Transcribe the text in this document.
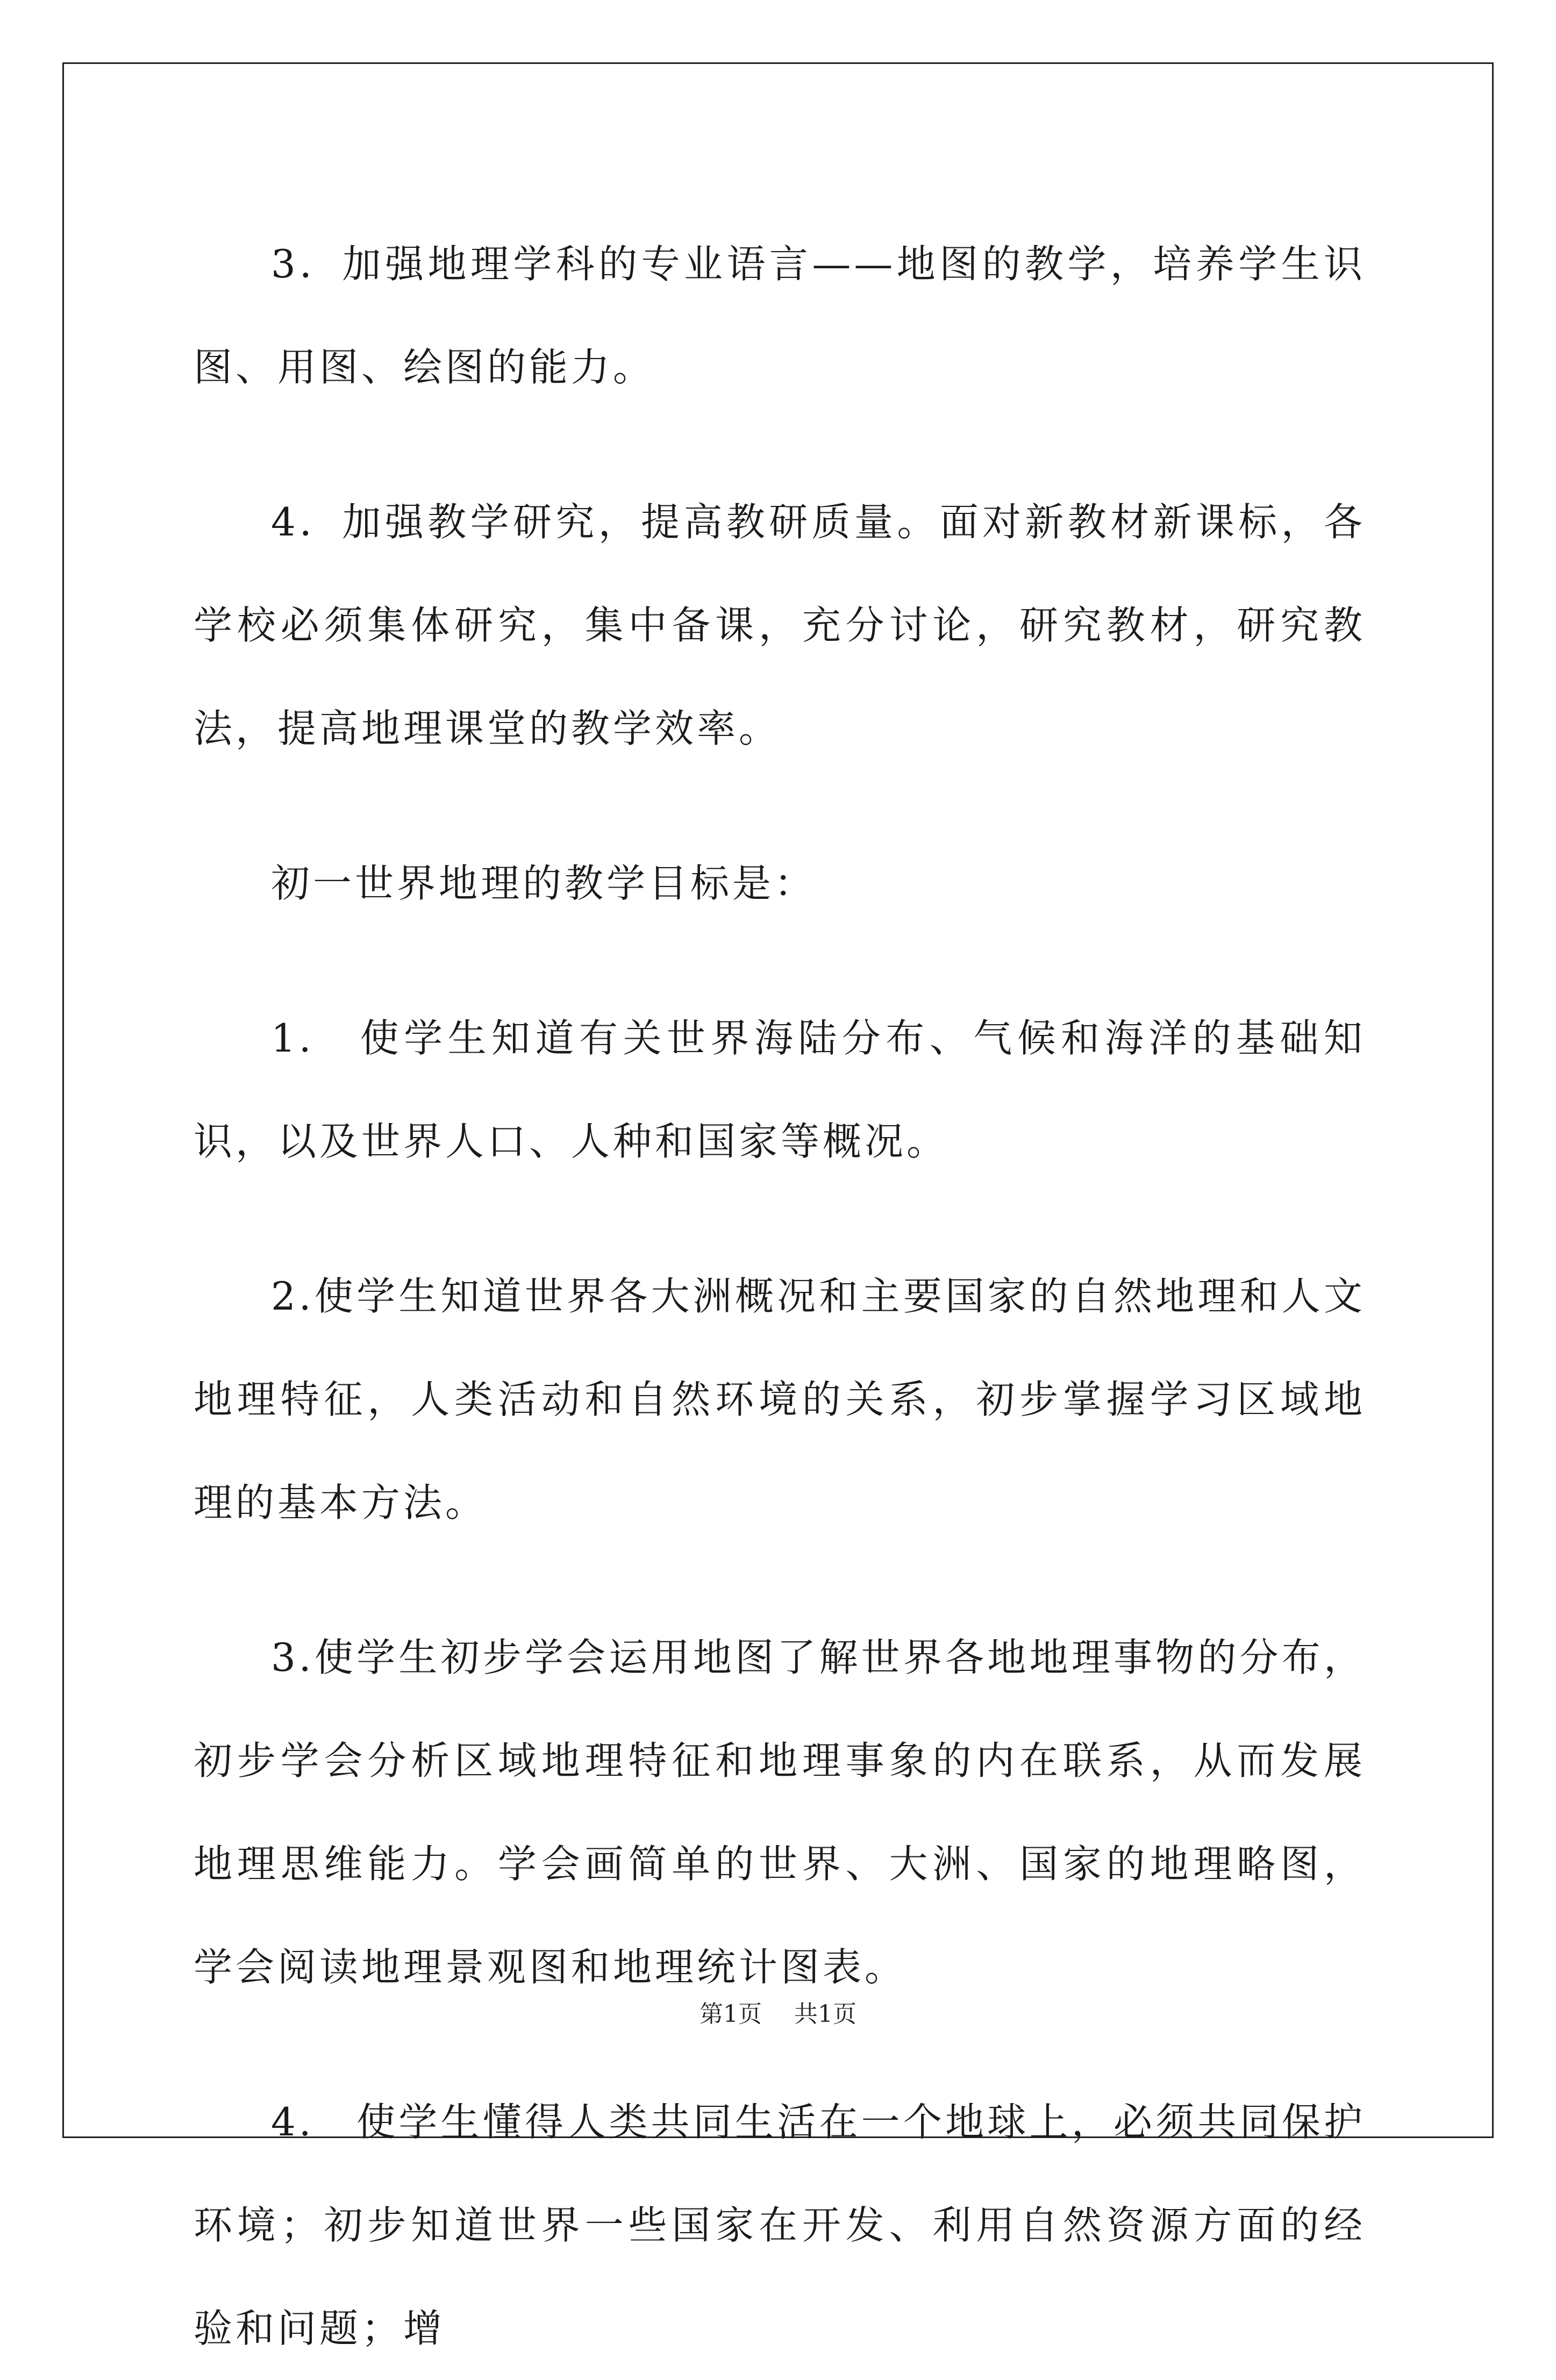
3．加强地理学科的专业语言——地图的教学，培养学生识图、用图、绘图的能力。

4．加强教学研究，提高教研质量。面对新教材新课标，各学校必须集体研究，集中备课，充分讨论，研究教材，研究教法，提高地理课堂的教学效率。

初一世界地理的教学目标是：

1.　使学生知道有关世界海陆分布、气候和海洋的基础知识，以及世界人口、人种和国家等概况。

2.使学生知道世界各大洲概况和主要国家的自然地理和人文地理特征，人类活动和自然环境的关系，初步掌握学习区域地理的基本方法。

3.使学生初步学会运用地图了解世界各地地理事物的分布，初步学会分析区域地理特征和地理事象的内在联系，从而发展地理思维能力。学会画简单的世界、大洲、国家的地理略图，学会阅读地理景观图和地理统计图表。

4.　使学生懂得人类共同生活在一个地球上，必须共同保护环境；初步知道世界一些国家在开发、利用自然资源方面的经验和问题；增

第1页 共1页
